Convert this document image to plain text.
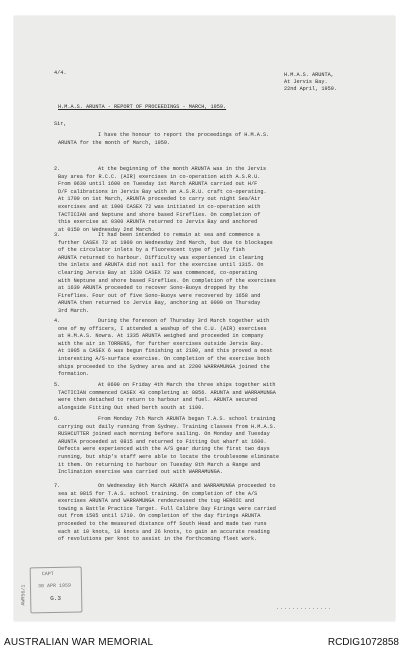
4/4.	H.M.A.S. ARUNTA,
At Jervis Bay.
22nd April, 1959.
H.M.A.S. ARUNTA - REPORT OF PROCEEDINGS - MARCH, 1959.
Sir,
I have the honour to report the proceedings of H.M.A.S.
ARUNTA for the month of March, 1959.
2.	At the beginning of the month ARUNTA was in the Jervis
Bay area for R.C.C. (AIR) exercises in co-operation with A.S.R.U.
From 0630 until 1600 on Tuesday 1st March ARUNTA carried out H/F
D/F calibrations in Jervis Bay with an A.S.R.U. craft co-operating.
At 1700 on 1st March, ARUNTA proceeded to carry out night Sea/Air
exercises and at 1900 CASEX 72 was initiated in co-operation with
TACTICIAN and Neptune and shore based Fireflies. On completion of
this exercise at 0300 ARUNTA returned to Jervis Bay and anchored
at 0150 on Wednesday 2nd March.
3.	It had been intended to remain at sea and commence a
further CASEX 72 at 1900 on Wednesday 2nd March, but due to blockages
of the circulator inlets by a fluorescent type of jelly fish
ARUNTA returned to harbour. Difficulty was experienced in clearing
the inlets and ARUNTA did not sail for the exercise until 1315. On
clearing Jervis Bay at 1330 CASEX 72 was commenced, co-operating
with Neptune and shore based Fireflies. On completion of the exercises
at 1630 ARUNTA proceeded to recover Sono-Buoys dropped by the
Fireflies. Four out of five Sono-Buoys were recovered by 1658 and
ARUNTA then returned to Jervis Bay, anchoring at 0000 on Thursday
3rd March.
4.	During the forenoon of Thursday 3rd March together with
one of my officers, I attended a washup of the C.U. (AIR) exercises
at H.M.A.S. Nowra. At 1335 ARUNTA weighed and proceeded in company
with the air in TORRENS, for further exercises outside Jervis Bay.
At 1905 a CASEX 6 was begun finishing at 2100, and this proved a most
interesting A/S-surface exercise. On completion of the exercise both
ships proceeded to the Sydney area and at 2200 WARRAMUNGA joined the
formation.
5.	At 0600 on Friday 4th March the three ships together with
TACTICIAN commenced CASEX 43 completing at 0856. ARUNTA and WARRAMUNGA
were then detached to return to harbour and fuel. ARUNTA secured
alongside Fitting Out shed berth south at 1100.
6.	From Monday 7th March ARUNTA began T.A.S. school training
carrying out daily running from Sydney. Training classes from H.M.A.S.
RUSHCUTTER joined each morning before sailing. On Monday and Tuesday
ARUNTA proceeded at 0815 and returned to Fitting Out wharf at 1600.
Defects were experienced with the A/S gear during the first two days
running, but ship's staff were able to locate the troublesome eliminate
it them. On returning to harbour on Tuesday 8th March a Range and
Inclination exercise was carried out with WARRAMUNGA.
7.	On Wednesday 9th March ARUNTA and WARRAMUNGA proceeded to
sea at 0815 for T.A.S. school training. On completion of the A/S
exercises ARUNTA and WARRAMUNGA rendezvoused the tug HEROIC and
towing a Battle Practice Target. Full Calibre Day Firings were carried
out from 1505 until 1710. On completion of the day firings ARUNTA
proceeded to the measured distance off South Head and made two runs
each at 10 knots, 18 knots and 26 knots, to gain an accurate reading
of revolutions per knot to assist in the forthcoming fleet work.
..............
AWM56/1
CAPT
30 APR 1959
G.3
AUSTRALIAN WAR MEMORIAL	RCDIG1072858
